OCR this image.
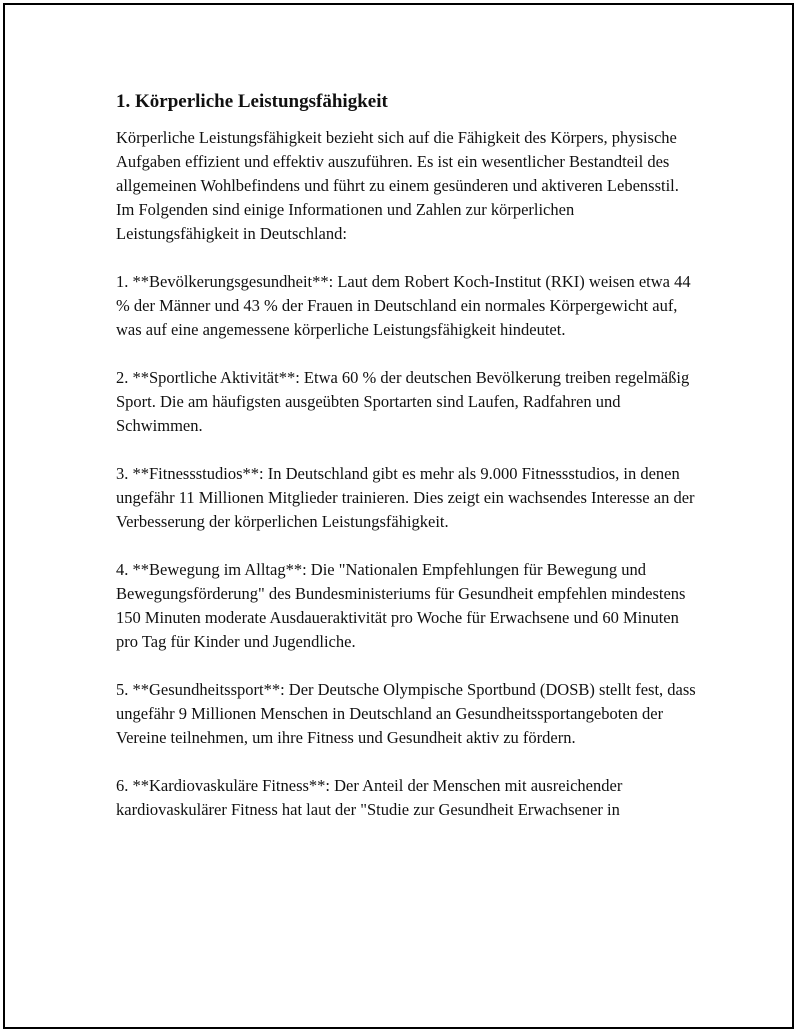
1. Körperliche Leistungsfähigkeit

Körperliche Leistungsfähigkeit bezieht sich auf die Fähigkeit des Körpers, physische Aufgaben effizient und effektiv auszuführen. Es ist ein wesentlicher Bestandteil des allgemeinen Wohlbefindens und führt zu einem gesünderen und aktiveren Lebensstil. Im Folgenden sind einige Informationen und Zahlen zur körperlichen Leistungsfähigkeit in Deutschland:

1. **Bevölkerungsgesundheit**: Laut dem Robert Koch-Institut (RKI) weisen etwa 44 % der Männer und 43 % der Frauen in Deutschland ein normales Körpergewicht auf, was auf eine angemessene körperliche Leistungsfähigkeit hindeutet.

2. **Sportliche Aktivität**: Etwa 60 % der deutschen Bevölkerung treiben regelmäßig Sport. Die am häufigsten ausgeübten Sportarten sind Laufen, Radfahren und Schwimmen.

3. **Fitnessstudios**: In Deutschland gibt es mehr als 9.000 Fitnessstudios, in denen ungefähr 11 Millionen Mitglieder trainieren. Dies zeigt ein wachsendes Interesse an der Verbesserung der körperlichen Leistungsfähigkeit.

4. **Bewegung im Alltag**: Die "Nationalen Empfehlungen für Bewegung und Bewegungsförderung" des Bundesministeriums für Gesundheit empfehlen mindestens 150 Minuten moderate Ausdaueraktivität pro Woche für Erwachsene und 60 Minuten pro Tag für Kinder und Jugendliche.

5. **Gesundheitssport**: Der Deutsche Olympische Sportbund (DOSB) stellt fest, dass ungefähr 9 Millionen Menschen in Deutschland an Gesundheitssportangeboten der Vereine teilnehmen, um ihre Fitness und Gesundheit aktiv zu fördern.

6. **Kardiovaskuläre Fitness**: Der Anteil der Menschen mit ausreichender kardiovaskulärer Fitness hat laut der "Studie zur Gesundheit Erwachsener in
